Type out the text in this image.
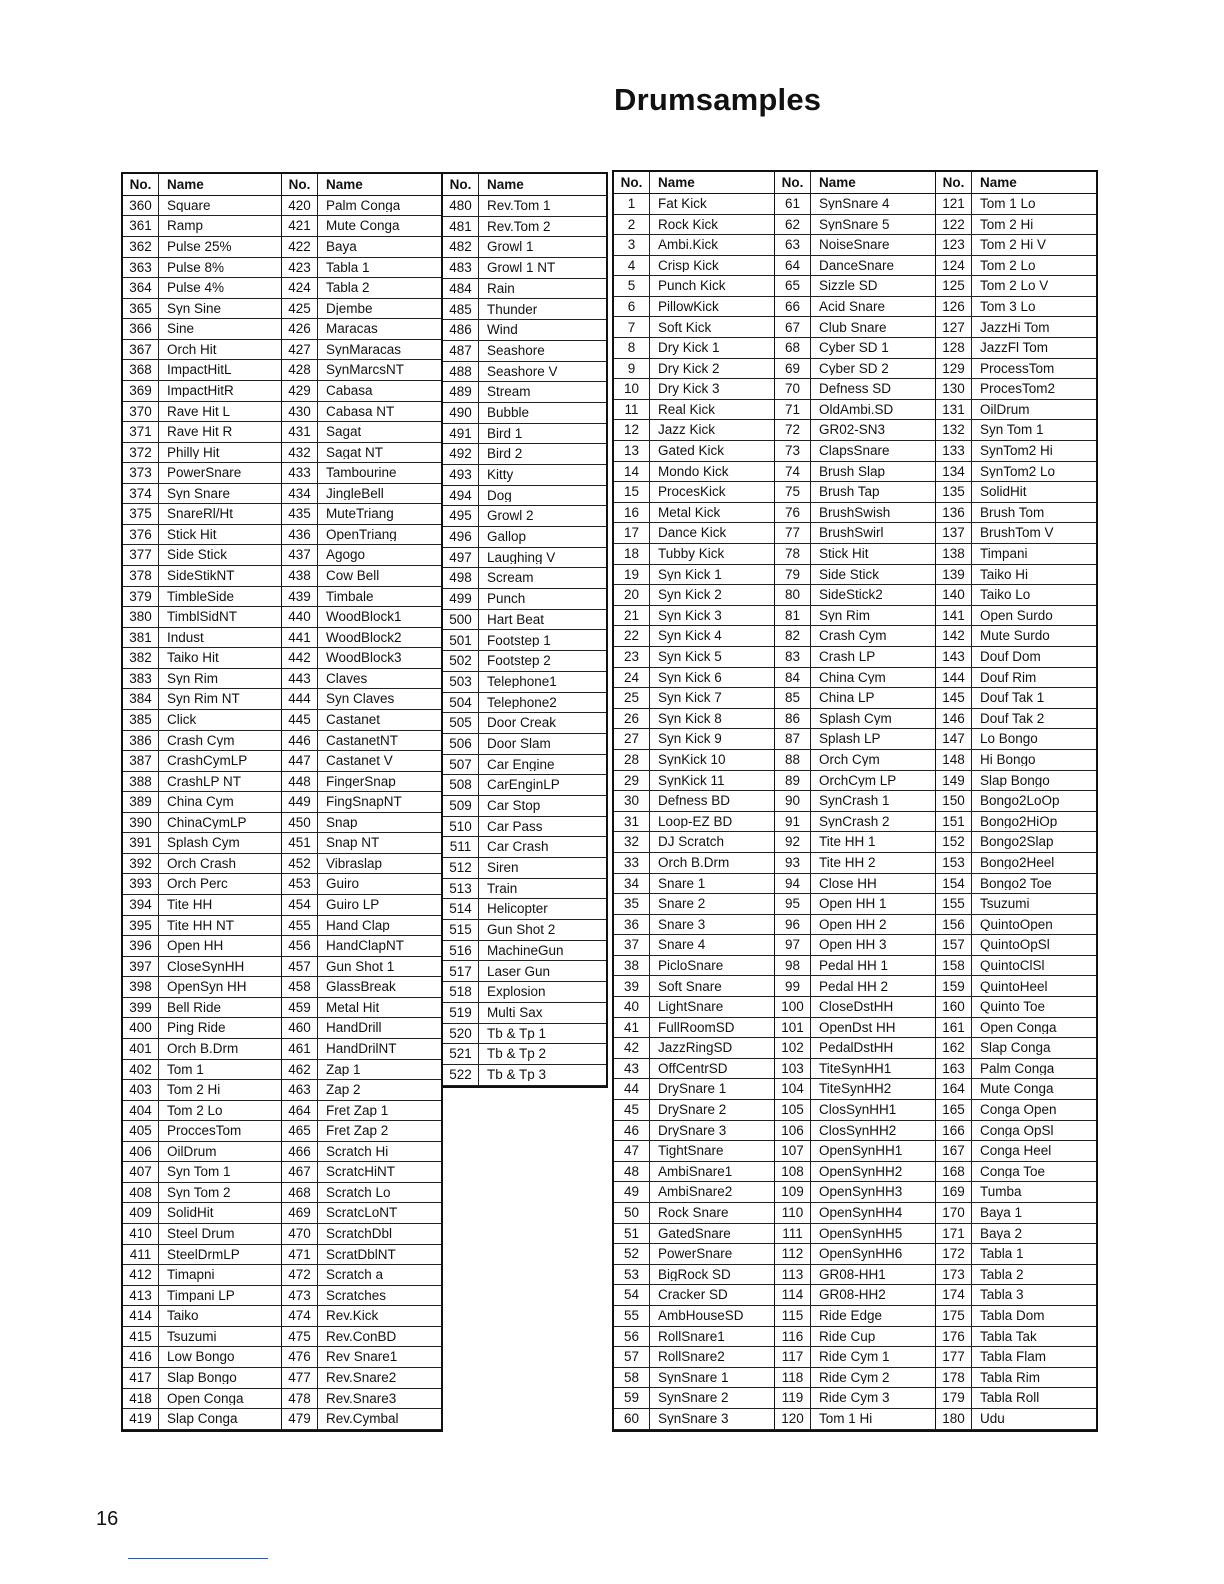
Drumsamples
No.	Name
360	Square
361	Ramp
362	Pulse 25%
363	Pulse 8%
364	Pulse 4%
365	Syn Sine
366	Sine
367	Orch Hit
368	ImpactHitL
369	ImpactHitR
370	Rave Hit L
371	Rave Hit R
372	Philly Hit
373	PowerSnare
374	Syn Snare
375	SnareRl/Ht
376	Stick Hit
377	Side Stick
378	SideStikNT
379	TimbleSide
380	TimblSidNT
381	Indust
382	Taiko Hit
383	Syn Rim
384	Syn Rim NT
385	Click
386	Crash Cym
387	CrashCymLP
388	CrashLP NT
389	China Cym
390	ChinaCymLP
391	Splash Cym
392	Orch Crash
393	Orch Perc
394	Tite HH
395	Tite HH NT
396	Open HH
397	CloseSynHH
398	OpenSyn HH
399	Bell Ride
400	Ping Ride
401	Orch B.Drm
402	Tom 1
403	Tom 2 Hi
404	Tom 2 Lo
405	ProccesTom
406	OilDrum
407	Syn Tom 1
408	Syn Tom 2
409	SolidHit
410	Steel Drum
411	SteelDrmLP
412	Timapni
413	Timpani LP
414	Taiko
415	Tsuzumi
416	Low Bongo
417	Slap Bongo
418	Open Conga
419	Slap Conga
No.	Name
420	Palm Conga
421	Mute Conga
422	Baya
423	Tabla 1
424	Tabla 2
425	Djembe
426	Maracas
427	SynMaracas
428	SynMarcsNT
429	Cabasa
430	Cabasa NT
431	Sagat
432	Sagat NT
433	Tambourine
434	JingleBell
435	MuteTriang
436	OpenTriang
437	Agogo
438	Cow Bell
439	Timbale
440	WoodBlock1
441	WoodBlock2
442	WoodBlock3
443	Claves
444	Syn Claves
445	Castanet
446	CastanetNT
447	Castanet V
448	FingerSnap
449	FingSnapNT
450	Snap
451	Snap NT
452	Vibraslap
453	Guiro
454	Guiro LP
455	Hand Clap
456	HandClapNT
457	Gun Shot 1
458	GlassBreak
459	Metal Hit
460	HandDrill
461	HandDrilNT
462	Zap 1
463	Zap 2
464	Fret Zap 1
465	Fret Zap 2
466	Scratch Hi
467	ScratcHiNT
468	Scratch Lo
469	ScratcLoNT
470	ScratchDbl
471	ScratDblNT
472	Scratch a
473	Scratches
474	Rev.Kick
475	Rev.ConBD
476	Rev Snare1
477	Rev.Snare2
478	Rev.Snare3
479	Rev.Cymbal
No.	Name
480	Rev.Tom 1
481	Rev.Tom 2
482	Growl 1
483	Growl 1 NT
484	Rain
485	Thunder
486	Wind
487	Seashore
488	Seashore V
489	Stream
490	Bubble
491	Bird 1
492	Bird 2
493	Kitty
494	Dog
495	Growl 2
496	Gallop
497	Laughing V
498	Scream
499	Punch
500	Hart Beat
501	Footstep 1
502	Footstep 2
503	Telephone1
504	Telephone2
505	Door Creak
506	Door Slam
507	Car Engine
508	CarEnginLP
509	Car Stop
510	Car Pass
511	Car Crash
512	Siren
513	Train
514	Helicopter
515	Gun Shot 2
516	MachineGun
517	Laser Gun
518	Explosion
519	Multi Sax
520	Tb & Tp 1
521	Tb & Tp 2
522	Tb & Tp 3
No.	Name
1	Fat Kick
2	Rock Kick
3	Ambi.Kick
4	Crisp Kick
5	Punch Kick
6	PillowKick
7	Soft Kick
8	Dry Kick 1
9	Dry Kick 2
10	Dry Kick 3
11	Real Kick
12	Jazz Kick
13	Gated Kick
14	Mondo Kick
15	ProcesKick
16	Metal Kick
17	Dance Kick
18	Tubby Kick
19	Syn Kick 1
20	Syn Kick 2
21	Syn Kick 3
22	Syn Kick 4
23	Syn Kick 5
24	Syn Kick 6
25	Syn Kick 7
26	Syn Kick 8
27	Syn Kick 9
28	SynKick 10
29	SynKick 11
30	Defness BD
31	Loop-EZ BD
32	DJ Scratch
33	Orch B.Drm
34	Snare 1
35	Snare 2
36	Snare 3
37	Snare 4
38	PicloSnare
39	Soft Snare
40	LightSnare
41	FullRoomSD
42	JazzRingSD
43	OffCentrSD
44	DrySnare 1
45	DrySnare 2
46	DrySnare 3
47	TightSnare
48	AmbiSnare1
49	AmbiSnare2
50	Rock Snare
51	GatedSnare
52	PowerSnare
53	BigRock SD
54	Cracker SD
55	AmbHouseSD
56	RollSnare1
57	RollSnare2
58	SynSnare 1
59	SynSnare 2
60	SynSnare 3
No.	Name
61	SynSnare 4
62	SynSnare 5
63	NoiseSnare
64	DanceSnare
65	Sizzle SD
66	Acid Snare
67	Club Snare
68	Cyber SD 1
69	Cyber SD 2
70	Defness SD
71	OldAmbi.SD
72	GR02-SN3
73	ClapsSnare
74	Brush Slap
75	Brush Tap
76	BrushSwish
77	BrushSwirl
78	Stick Hit
79	Side Stick
80	SideStick2
81	Syn Rim
82	Crash Cym
83	Crash LP
84	China Cym
85	China LP
86	Splash Cym
87	Splash LP
88	Orch Cym
89	OrchCym LP
90	SynCrash 1
91	SynCrash 2
92	Tite HH 1
93	Tite HH 2
94	Close HH
95	Open HH 1
96	Open HH 2
97	Open HH 3
98	Pedal HH 1
99	Pedal HH 2
100	CloseDstHH
101	OpenDst HH
102	PedalDstHH
103	TiteSynHH1
104	TiteSynHH2
105	ClosSynHH1
106	ClosSynHH2
107	OpenSynHH1
108	OpenSynHH2
109	OpenSynHH3
110	OpenSynHH4
111	OpenSynHH5
112	OpenSynHH6
113	GR08-HH1
114	GR08-HH2
115	Ride Edge
116	Ride Cup
117	Ride Cym 1
118	Ride Cym 2
119	Ride Cym 3
120	Tom 1 Hi
No.	Name
121	Tom 1 Lo
122	Tom 2 Hi
123	Tom 2 Hi V
124	Tom 2 Lo
125	Tom 2 Lo V
126	Tom 3 Lo
127	JazzHi Tom
128	JazzFl Tom
129	ProcessTom
130	ProcesTom2
131	OilDrum
132	Syn Tom 1
133	SynTom2 Hi
134	SynTom2 Lo
135	SolidHit
136	Brush Tom
137	BrushTom V
138	Timpani
139	Taiko Hi
140	Taiko Lo
141	Open Surdo
142	Mute Surdo
143	Douf Dom
144	Douf Rim
145	Douf Tak 1
146	Douf Tak 2
147	Lo Bongo
148	Hi Bongo
149	Slap Bongo
150	Bongo2LoOp
151	Bongo2HiOp
152	Bongo2Slap
153	Bongo2Heel
154	Bongo2 Toe
155	Tsuzumi
156	QuintoOpen
157	QuintoOpSl
158	QuintoClSl
159	QuintoHeel
160	Quinto Toe
161	Open Conga
162	Slap Conga
163	Palm Conga
164	Mute Conga
165	Conga Open
166	Conga OpSl
167	Conga Heel
168	Conga Toe
169	Tumba
170	Baya 1
171	Baya 2
172	Tabla 1
173	Tabla 2
174	Tabla 3
175	Tabla Dom
176	Tabla Tak
177	Tabla Flam
178	Tabla Rim
179	Tabla Roll
180	Udu
16
